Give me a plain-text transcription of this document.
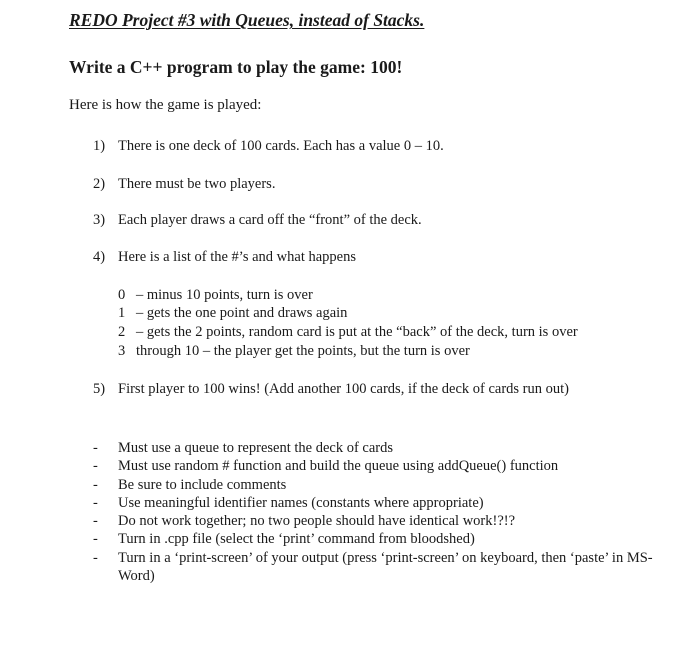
REDO Project #3 with Queues, instead of Stacks.
Write a C++ program to play the game: 100!
Here is how the game is played:
1) There is one deck of 100 cards. Each has a value 0 – 10.
2) There must be two players.
3) Each player draws a card off the “front” of the deck.
4) Here is a list of the #’s and what happens
0 – minus 10 points, turn is over
1 – gets the one point and draws again
2 – gets the 2 points, random card is put at the “back” of the deck, turn is over
3 through 10 – the player get the points, but the turn is over
5) First player to 100 wins! (Add another 100 cards, if the deck of cards run out)
- Must use a queue to represent the deck of cards
- Must use random # function and build the queue using addQueue() function
- Be sure to include comments
- Use meaningful identifier names (constants where appropriate)
- Do not work together; no two people should have identical work!?!?
- Turn in .cpp file (select the ‘print’ command from bloodshed)
- Turn in a ‘print-screen’ of your output (press ‘print-screen’ on keyboard, then ‘paste’ in MS-Word)
